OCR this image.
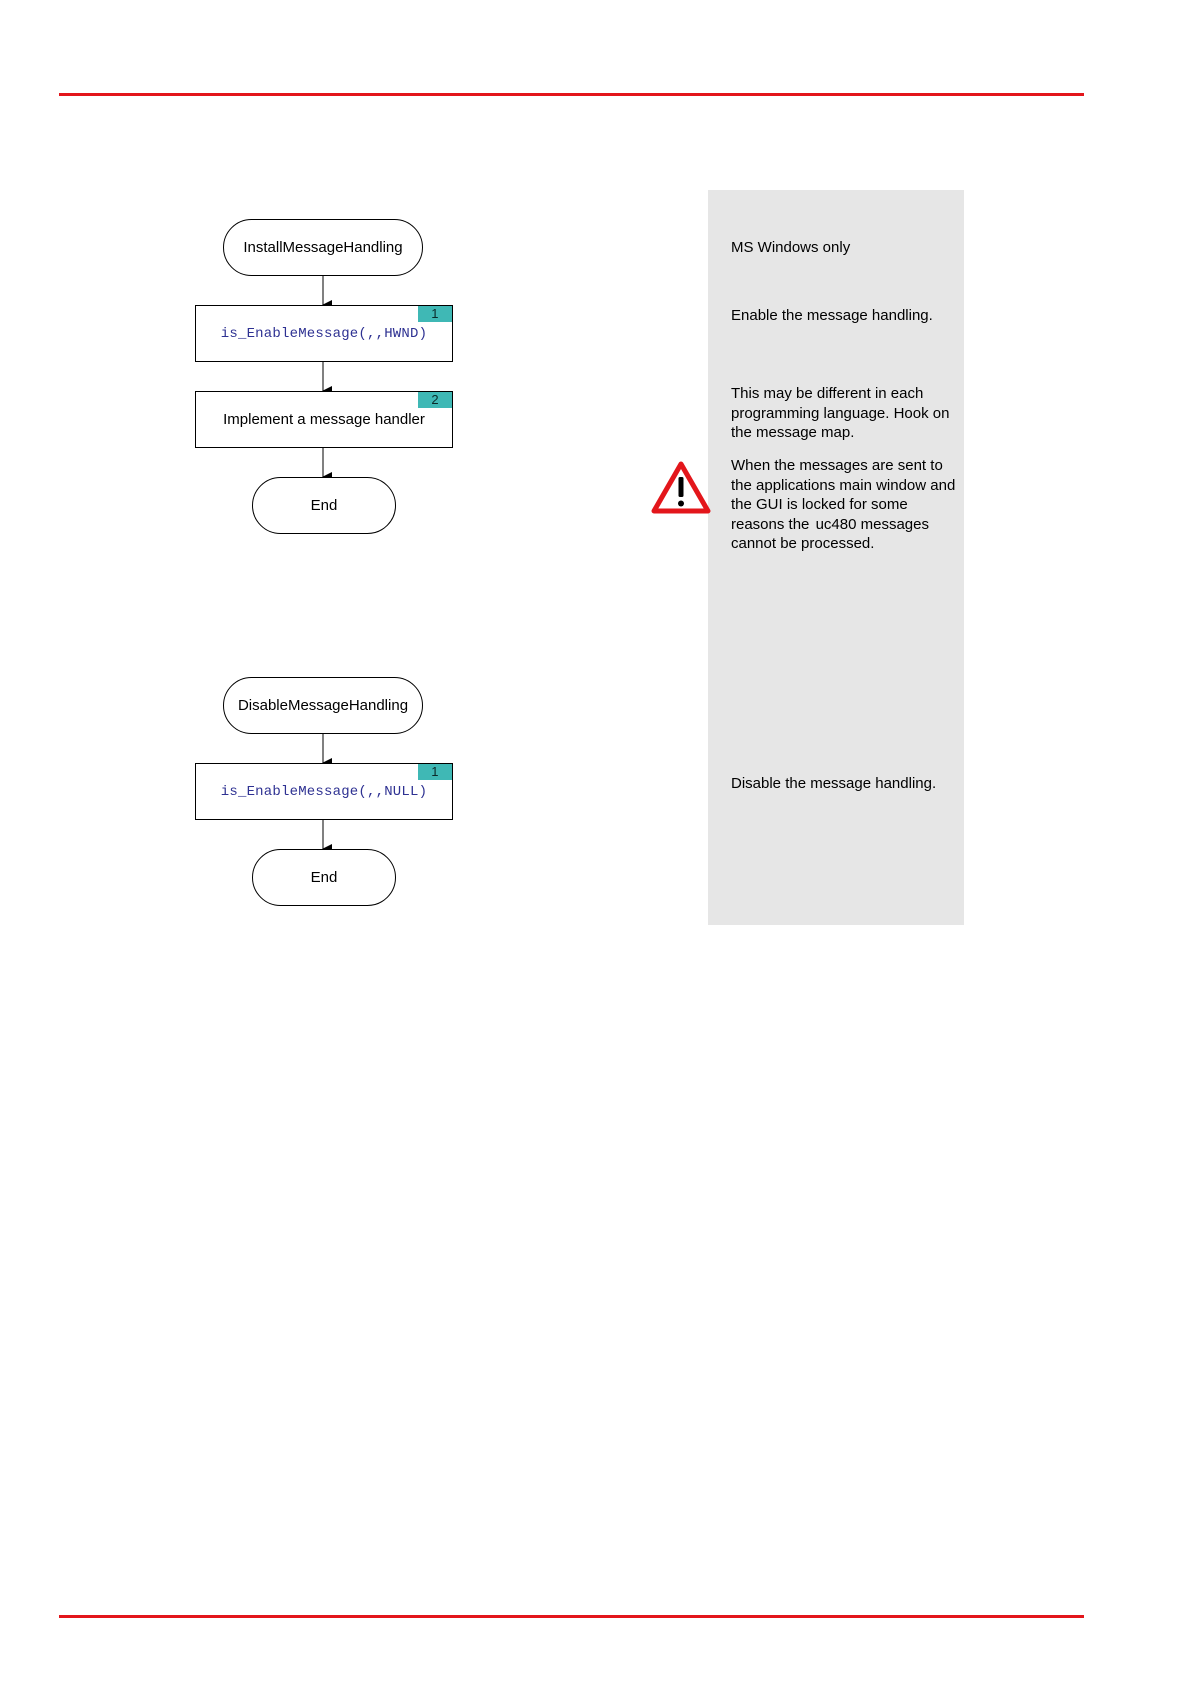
InstallMessageHandling
is_EnableMessage(,,HWND)
1
Implement a message handler
2
End
DisableMessageHandling
is_EnableMessage(,,NULL)
1
End
MS Windows only
Enable the message handling.
This may be different in each programming language. Hook on the message map.
When the messages are sent to the applications main window and the GUI is locked for some reasons the uc480 messages cannot be processed.
Disable the message handling.
